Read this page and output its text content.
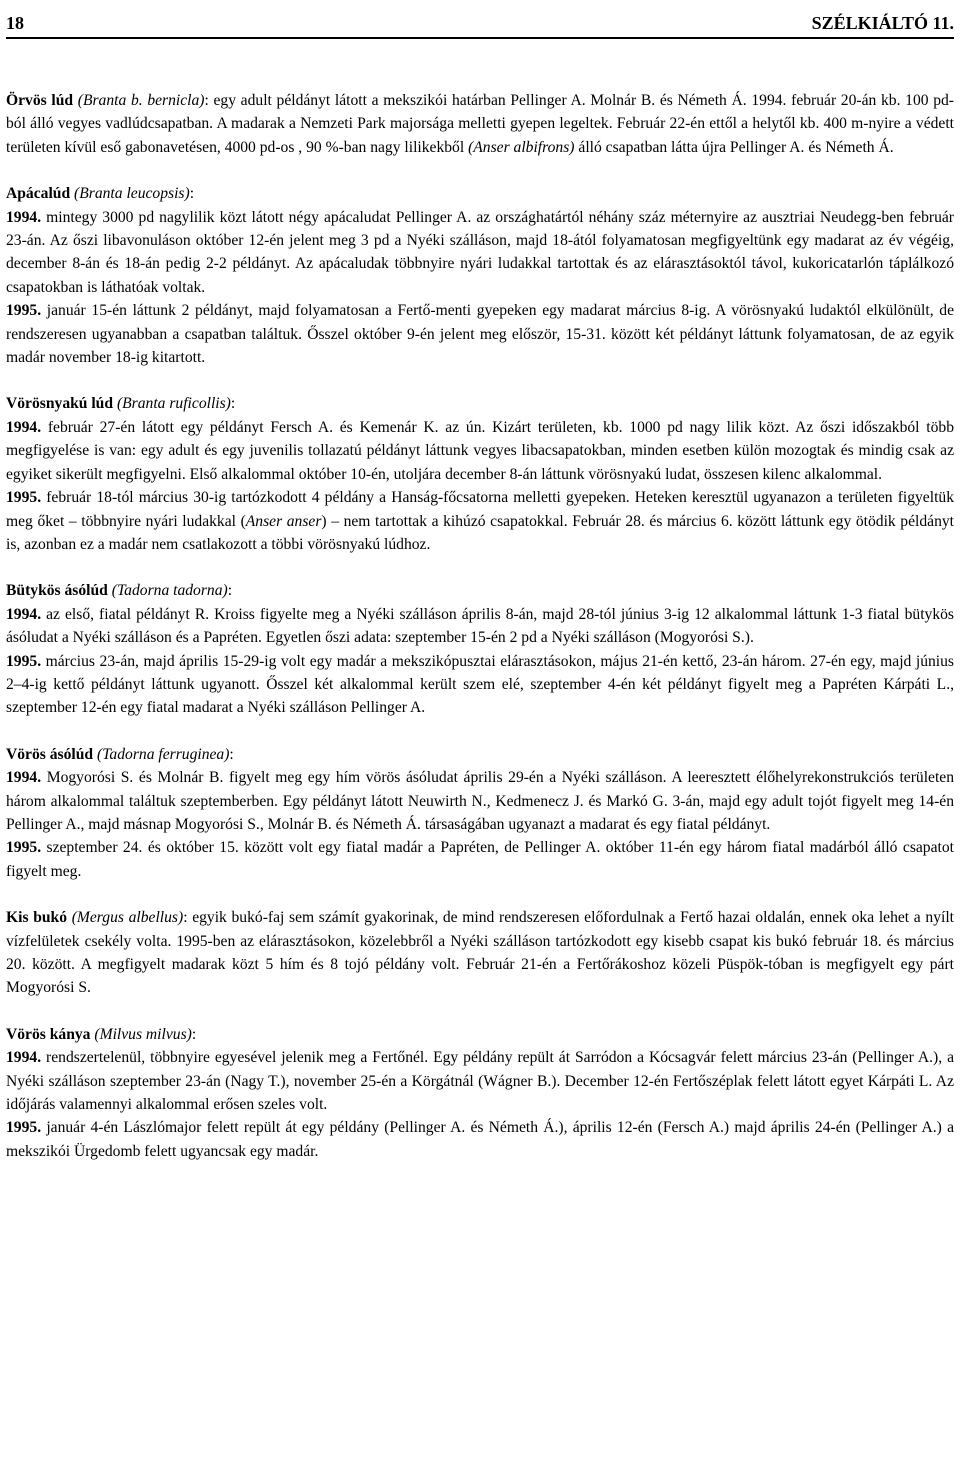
18	SZÉLKIÁLTÓ 11.

Örvös lúd (Branta b. bernicla): egy adult példányt látott a mekszikói határban Pellinger A. Molnár B. és Németh Á. 1994. február 20-án kb. 100 pd-ból álló vegyes vadlúdcsapatban. A madarak a Nemzeti Park majorsága melletti gyepen legeltek. Február 22-én ettől a helytől kb. 400 m-nyire a védett területen kívül eső gabonavetésen, 4000 pd-os , 90 %-ban nagy lilikekből (Anser albifrons) álló csapatban látta újra Pellinger A. és Németh Á.

Apácalúd (Branta leucopsis):

1994. mintegy 3000 pd nagylilik közt látott négy apácaludat Pellinger A. az országhatártól néhány száz méternyire az ausztriai Neudegg-ben február 23-án. Az őszi libavonuláson október 12-én jelent meg 3 pd a Nyéki szálláson, majd 18-ától folyamatosan megfigyeltünk egy madarat az év végéig, december 8-án és 18-án pedig 2-2 példányt. Az apácaludak többnyire nyári ludakkal tartottak és az elárasztásoktól távol, kukoricatarlón táplálkozó csapatokban is láthatóak voltak.

1995. január 15-én láttunk 2 példányt, majd folyamatosan a Fertő-menti gyepeken egy madarat március 8-ig. A vörösnyakú ludaktól elkülönült, de rendszeresen ugyanabban a csapatban találtuk. Ősszel október 9-én jelent meg először, 15-31. között két példányt láttunk folyamatosan, de az egyik madár november 18-ig kitartott.

Vörösnyakú lúd (Branta ruficollis):

1994. február 27-én látott egy példányt Fersch A. és Kemenár K. az ún. Kizárt területen, kb. 1000 pd nagy lilik közt. Az őszi időszakból több megfigyelése is van: egy adult és egy juvenilis tollazatú példányt láttunk vegyes libacsapatokban, minden esetben külön mozogtak és mindig csak az egyiket sikerült megfigyelni. Első alkalommal október 10-én, utoljára december 8-án láttunk vörösnyakú ludat, összesen kilenc alkalommal.

1995. február 18-tól március 30-ig tartózkodott 4 példány a Hanság-főcsatorna melletti gyepeken. Heteken keresztül ugyanazon a területen figyeltük meg őket – többnyire nyári ludakkal (Anser anser) – nem tartottak a kihúzó csapatokkal. Február 28. és március 6. között láttunk egy ötödik példányt is, azonban ez a madár nem csatlakozott a többi vörösnyakú lúdhoz.

Bütykös ásólúd (Tadorna tadorna):

1994. az első, fiatal példányt R. Kroiss figyelte meg a Nyéki szálláson április 8-án, majd 28-tól június 3-ig 12 alkalommal láttunk 1-3 fiatal bütykös ásóludat a Nyéki szálláson és a Papréten. Egyetlen őszi adata: szeptember 15-én 2 pd a Nyéki szálláson (Mogyorósi S.).

1995. március 23-án, majd április 15-29-ig volt egy madár a mekszikópusztai elárasztásokon, május 21-én kettő, 23-án három. 27-én egy, majd június 2–4-ig kettő példányt láttunk ugyanott. Ősszel két alkalommal került szem elé, szeptember 4-én két példányt figyelt meg a Papréten Kárpáti L., szeptember 12-én egy fiatal madarat a Nyéki szálláson Pellinger A.

Vörös ásólúd (Tadorna ferruginea):

1994. Mogyorósi S. és Molnár B. figyelt meg egy hím vörös ásóludat április 29-én a Nyéki szálláson. A leeresztett élőhelyrekonstrukciós területen három alkalommal találtuk szeptemberben. Egy példányt látott Neuwirth N., Kedmenecz J. és Markó G. 3-án, majd egy adult tojót figyelt meg 14-én Pellinger A., majd másnap Mogyorósi S., Molnár B. és Németh Á. társaságában ugyanazt a madarat és egy fiatal példányt.

1995. szeptember 24. és október 15. között volt egy fiatal madár a Papréten, de Pellinger A. október 11-én egy három fiatal madárból álló csapatot figyelt meg.

Kis bukó (Mergus albellus): egyik bukó-faj sem számít gyakorinak, de mind rendszeresen előfordulnak a Fertő hazai oldalán, ennek oka lehet a nyílt vízfelületek csekély volta. 1995-ben az elárasztásokon, közelebbről a Nyéki szálláson tartózkodott egy kisebb csapat kis bukó február 18. és március 20. között. A megfigyelt madarak közt 5 hím és 8 tojó példány volt. Február 21-én a Fertőrákoshoz közeli Püspök-tóban is megfigyelt egy párt Mogyorósi S.

Vörös kánya (Milvus milvus):

1994. rendszertelenül, többnyire egyesével jelenik meg a Fertőnél. Egy példány repült át Sarródon a Kócsagvár felett március 23-án (Pellinger A.), a Nyéki szálláson szeptember 23-án (Nagy T.), november 25-én a Körgátnál (Wágner B.). December 12-én Fertőszéplak felett látott egyet Kárpáti L. Az időjárás valamennyi alkalommal erősen szeles volt.

1995. január 4-én Lászlómajor felett repült át egy példány (Pellinger A. és Németh Á.), április 12-én (Fersch A.) majd április 24-én (Pellinger A.) a mekszikói Ürgedomb felett ugyancsak egy madár.
